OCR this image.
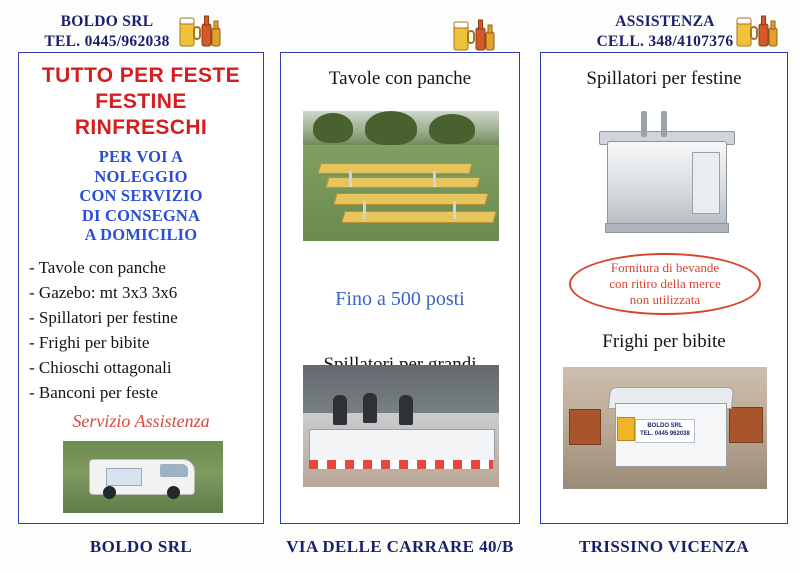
BOLDO SRL
TEL. 0445/962038
ASSISTENZA
CELL. 348/4107376
TUTTO PER FESTE
FESTINE
RINFRESCHI
PER VOI A
NOLEGGIO
CON SERVIZIO
DI CONSEGNA
A DOMICILIO
- Tavole con panche
- Gazebo: mt 3x3 3x6
- Spillatori per festine
- Frighi per bibite
- Chioschi ottagonali
- Banconi per feste
Servizio Assistenza
Tavole con panche
Fino a 500 posti
Spillatori per festine
Fornitura di bevande
con ritiro della merce
non utilizzata
Frighi per bibite
BOLDO SRL
TEL. 0445 962038
BOLDO SRL	VIA DELLE CARRARE 40/B	TRISSINO VICENZA
